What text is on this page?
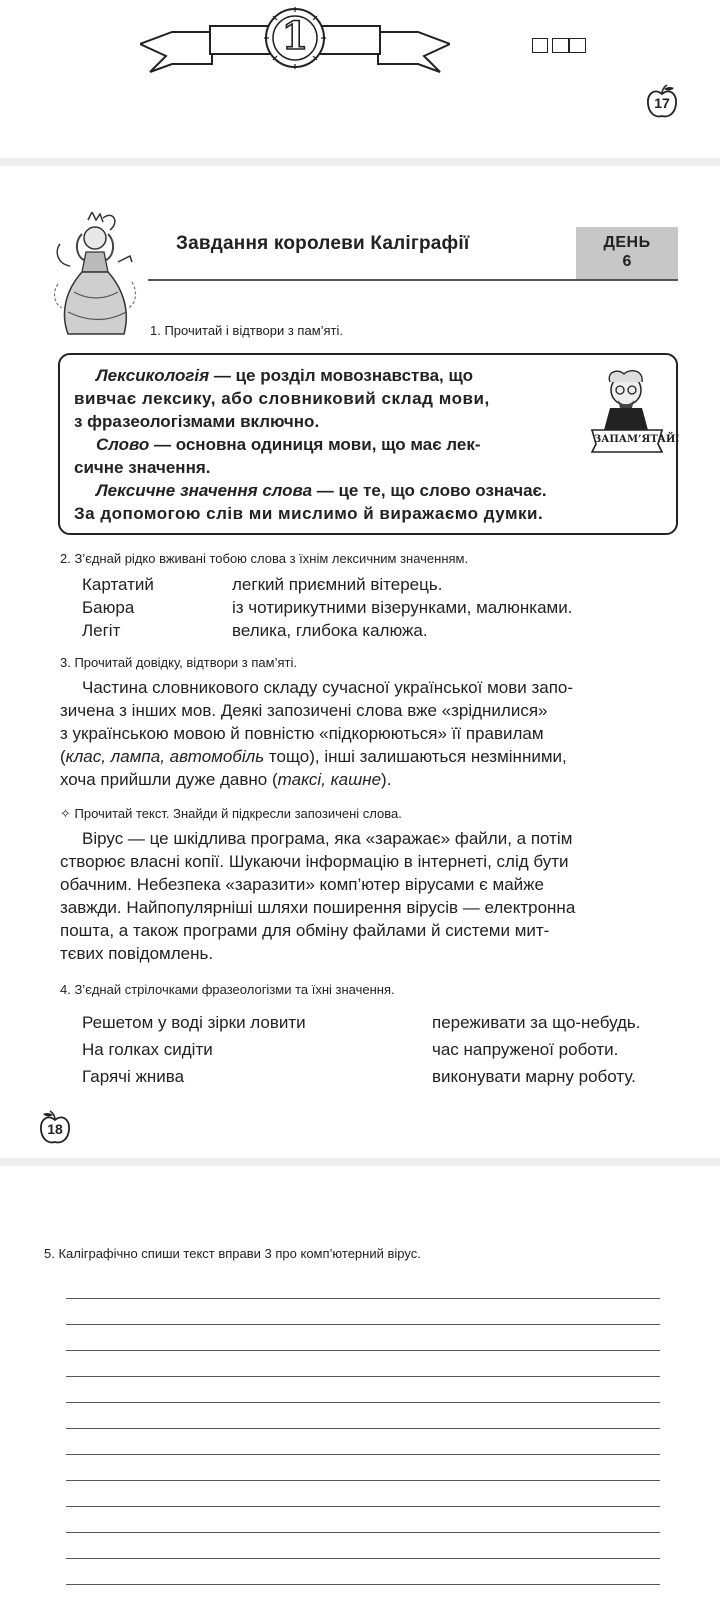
1
17
Завдання королеви Каліграфії	ДЕНЬ
6
1. Прочитай і відтвори з пам’яті.
Лексикологія — це розділ мовознавства, що
вивчає лексику, або словниковий склад мови,
з фразеологізмами включно.
Слово — основна одиниця мови, що має лек-
сичне значення.
Лексичне значення слова — це те, що слово означає.
За допомогою слів ми мислимо й виражаємо думки.
ЗАПАМ’ЯТАЙ!
2. З’єднай рідко вживані тобою слова з їхнім лексичним значенням.
Картатий
Баюра
Легіт
легкий приємний вітерець.
із чотирикутними візерунками, малюнками.
велика, глибока калюжа.
3. Прочитай довідку, відтвори з пам’яті.
Частина словникового складу сучасної української мови запо-
зичена з інших мов. Деякі запозичені слова вже «зріднилися»
з українською мовою й повністю «підкорюються» її правилам
(клас, лампа, автомобіль тощо), інші залишаються незмінними,
хоча прийшли дуже давно (таксі, кашне).
✧ Прочитай текст. Знайди й підкресли запозичені слова.
Вірус — це шкідлива програма, яка «заражає» файли, а потім
створює власні копії. Шукаючи інформацію в інтернеті, слід бути
обачним. Небезпека «заразити» комп’ютер вірусами є майже
завжди. Найпопулярніші шляхи поширення вірусів — електронна
пошта, а також програми для обміну файлами й системи мит-
тєвих повідомлень.
4. З’єднай стрілочками фразеологізми та їхні значення.
Решетом у воді зірки ловити
На голках сидіти
Гарячі жнива
переживати за що-небудь.
час напруженої роботи.
виконувати марну роботу.
18
5. Каліграфічно спиши текст вправи 3 про комп’ютерний вірус.
